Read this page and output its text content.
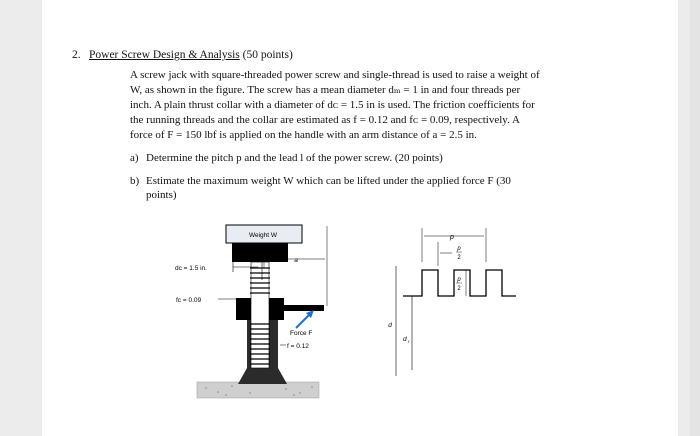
2. Power Screw Design & Analysis (50 points)
A screw jack with square-threaded power screw and single-thread is used to raise a weight of
W, as shown in the figure. The screw has a mean diameter dₘ = 1 in and four threads per
inch. A plain thrust collar with a diameter of dᴄ = 1.5 in is used. The friction coefficients for
the running threads and the collar are estimated as f = 0.12 and fᴄ = 0.09, respectively. A
force of F = 150 lbf is applied on the handle with an arm distance of a = 2.5 in.
a) Determine the pitch p and the lead l of the power screw. (20 points)
b) Estimate the maximum weight W which can be lifted under the applied force F (30
points)
Weight W
Force F
f = 0.12
dᴄ = 1.5 in.
a
fᴄ = 0.09
p
p
2
p
2
d
d r
